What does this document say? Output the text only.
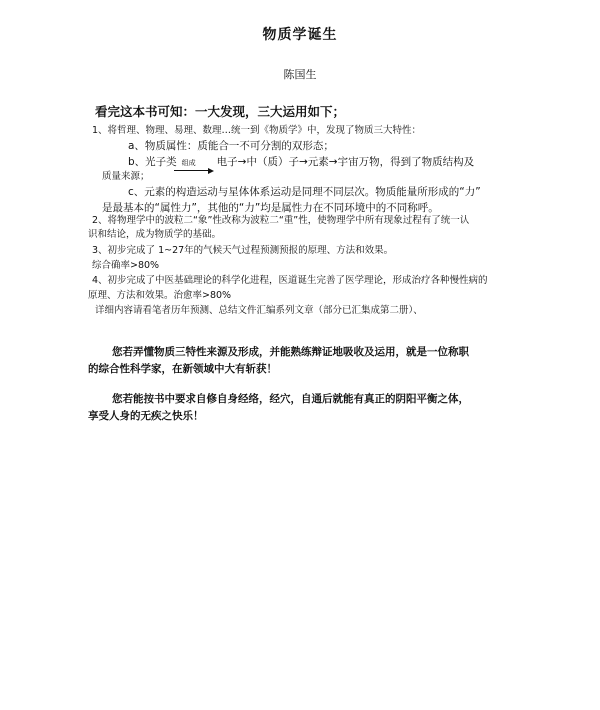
物质学诞生
陈国生
看完这本书可知：一大发现，三大运用如下；
1、将哲理、物理、易理、数理…统一到《物质学》中，发现了物质三大特性：
a、物质属性：质能合一不可分割的双形态；
b、光子类 组成 电子→中（质）子→元素→宇宙万物，得到了物质结构及
质量来源；
c、元素的构造运动与星体体系运动是同理不同层次。物质能量所形成的“力”
是最基本的“属性力”，其他的“力”均是属性力在不同环境中的不同称呼。
2、将物理学中的波粒二“象”性改称为波粒二“重”性，使物理学中所有现象过程有了统一认
识和结论，成为物质学的基础。
3、初步完成了 1~27年的气候天气过程预测预报的原理、方法和效果。
综合确率>80%
4、初步完成了中医基础理论的科学化进程，医道诞生完善了医学理论，形成治疗各种慢性病的
原理、方法和效果。治愈率>80%
详细内容请看笔者历年预测、总结文件汇编系列文章（部分已汇集成第二册）、
您若弄懂物质三特性来源及形成，并能熟练辩证地吸收及运用，就是一位称职
的综合性科学家，在新领域中大有斩获！
您若能按书中要求自修自身经络，经穴，自通后就能有真正的阴阳平衡之体，
享受人身的无疾之快乐！
